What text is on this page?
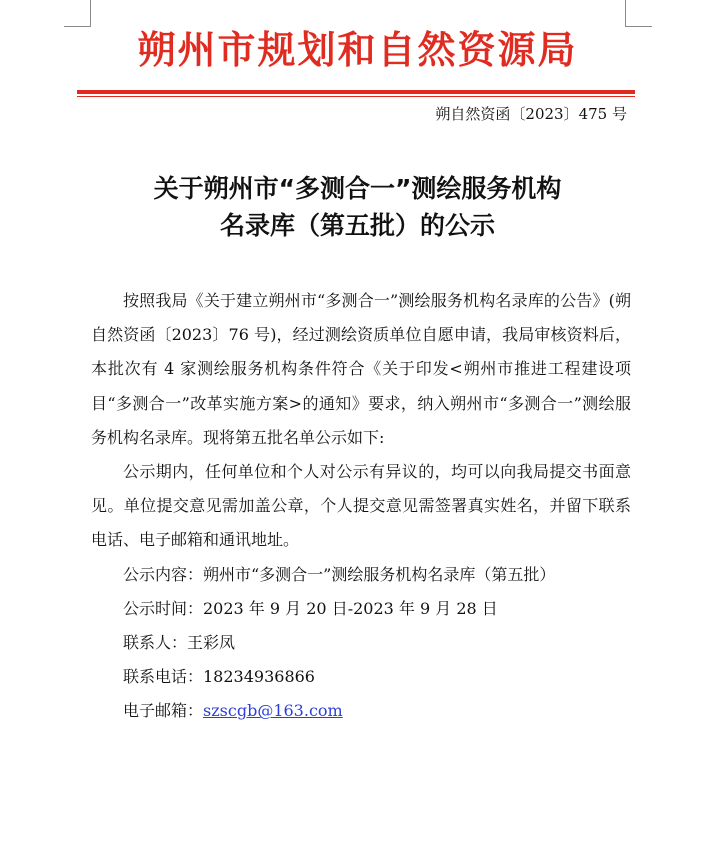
朔州市规划和自然资源局
朔自然资函〔2023〕475 号
关于朔州市“多测合一”测绘服务机构
名录库（第五批）的公示

按照我局《关于建立朔州市“多测合一”测绘服务机构名录库的公告》(朔自然资函〔2023〕76 号)，经过测绘资质单位自愿申请，我局审核资料后，本批次有 4 家测绘服务机构条件符合《关于印发<朔州市推进工程建设项目“多测合一”改革实施方案>的通知》要求，纳入朔州市“多测合一”测绘服务机构名录库。现将第五批名单公示如下:

公示期内，任何单位和个人对公示有异议的，均可以向我局提交书面意见。单位提交意见需加盖公章，个人提交意见需签署真实姓名，并留下联系电话、电子邮箱和通讯地址。

公示内容：朔州市“多测合一”测绘服务机构名录库（第五批）

公示时间：2023 年 9 月 20 日-2023 年 9 月 28 日

联系人：王彩凤

联系电话：18234936866

电子邮箱：szscgb@163.com
